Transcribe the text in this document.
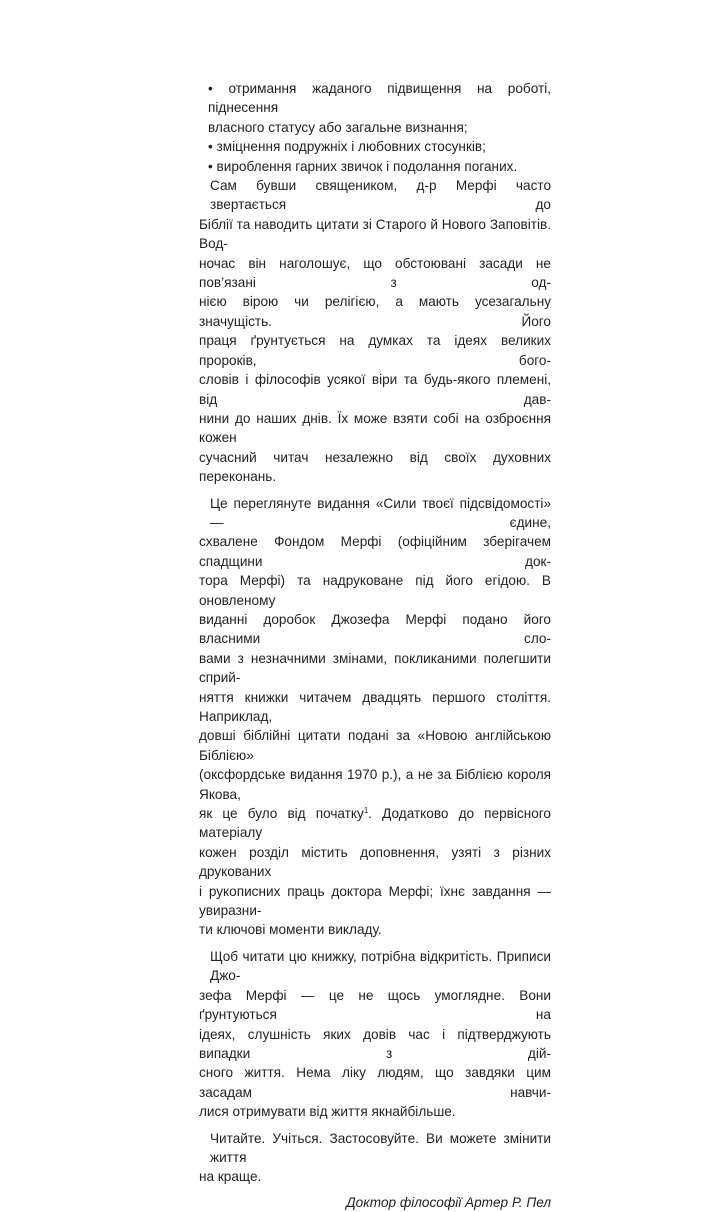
• отримання жаданого підвищення на роботі, піднесення
власного статусу або загальне визнання;
• зміцнення подружніх і любовних стосунків;
• вироблення гарних звичок і подолання поганих.

Сам бувши священиком, д-р Мерфі часто звертається до
Біблії та наводить цитати зі Старого й Нового Заповітів. Вод-
ночас він наголошує, що обстоювані засади не пов’язані з од-
нією вірою чи релігією, а мають усезагальну значущість. Його
праця ґрунтується на думках та ідеях великих пророків, бого-
словів і філософів усякої віри та будь-якого племені, від дав-
нини до наших днів. Їх може взяти собі на озброєння кожен
сучасний читач незалежно від своїх духовних переконань.

Це переглянуте видання «Сили твоєї підсвідомості» — єдине,
схвалене Фондом Мерфі (офіційним зберігачем спадщини док-
тора Мерфі) та надруковане під його егідою. В оновленому
виданні доробок Джозефа Мерфі подано його власними сло-
вами з незначними змінами, покликаними полегшити сприй-
няття книжки читачем двадцять першого століття. Наприклад,
довші біблійні цитати подані за «Новою англійською Біблією»
(оксфордське видання 1970 р.), а не за Біблією короля Якова,
як це було від початку$^1$. Додатково до первісного матеріалу
кожен розділ містить доповнення, узяті з різних друкованих
і рукописних праць доктора Мерфі; їхнє завдання — увиразни-
ти ключові моменти викладу.

Щоб читати цю книжку, потрібна відкритість. Приписи Джо-
зефа Мерфі — це не щось умоглядне. Вони ґрунтуються на
ідеях, слушність яких довів час і підтверджують випадки з дій-
сного життя. Нема ліку людям, що завдяки цим засадам навчи-
лися отримувати від життя якнайбільше.

Читайте. Учіться. Застосовуйте. Ви можете змінити життя
на краще.

Доктор філософії Артер Р. Пел
